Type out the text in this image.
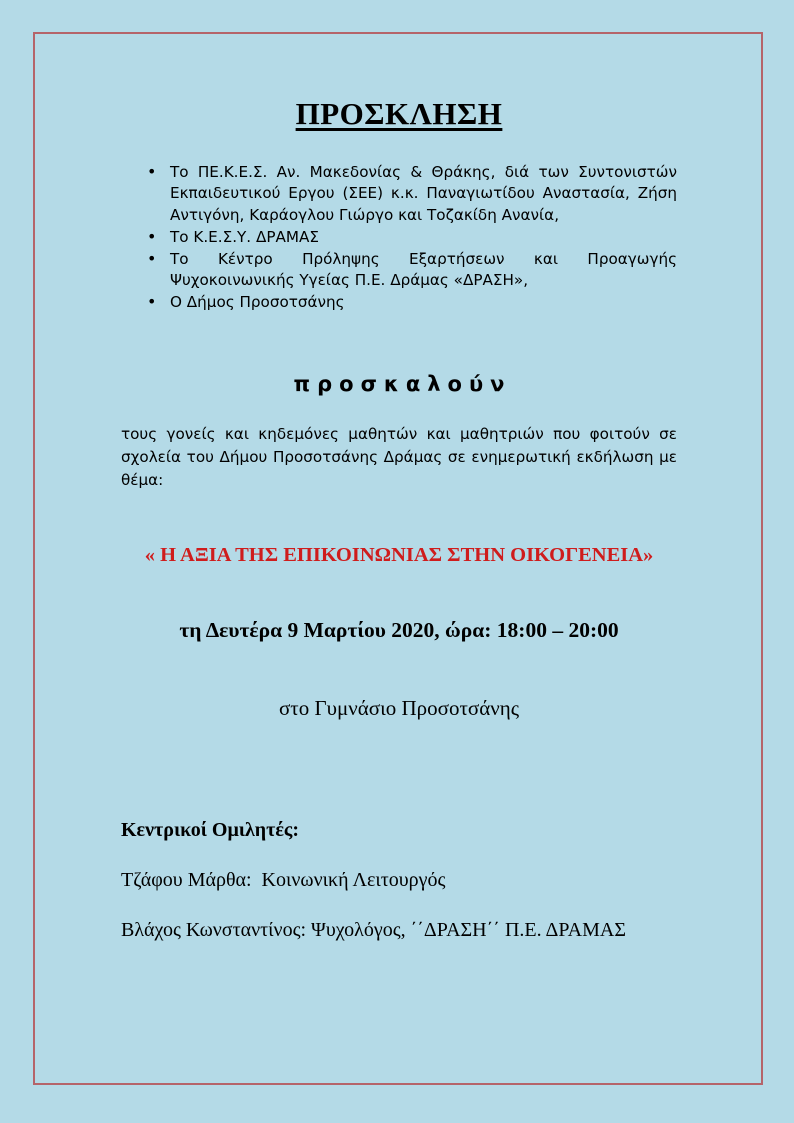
ΠΡΟΣΚΛΗΣΗ
• Το ΠΕ.Κ.Ε.Σ. Αν. Μακεδονίας & Θράκης, διά των Συντονιστών Εκπαιδευτικού Εργου (ΣΕΕ) κ.κ. Παναγιωτίδου Αναστασία, Ζήση Αντιγόνη, Καράογλου Γιώργο και Τοζακίδη Ανανία,
• Το Κ.Ε.Σ.Υ. ΔΡΑΜΑΣ
• Το Κέντρο Πρόληψης Εξαρτήσεων και Προαγωγής Ψυχοκοινωνικής Υγείας Π.Ε. Δράμας «ΔΡΑΣΗ»,
• Ο Δήμος Προσοτσάνης

προσκαλούν

τους γονείς και κηδεμόνες μαθητών και μαθητριών που φοιτούν σε σχολεία του Δήμου Προσοτσάνης Δράμας σε ενημερωτική εκδήλωση με θέμα:

« Η ΑΞΙΑ ΤΗΣ ΕΠΙΚΟΙΝΩΝΙΑΣ ΣΤΗΝ ΟΙΚΟΓΕΝΕΙΑ»

τη Δευτέρα 9 Μαρτίου 2020, ώρα: 18:00 – 20:00

στο Γυμνάσιο Προσοτσάνης

Κεντρικοί Ομιλητές:

Τζάφου Μάρθα:  Κοινωνική Λειτουργός

Βλάχος Κωνσταντίνος: Ψυχολόγος, ΄΄ΔΡΑΣΗ΄΄ Π.Ε. ΔΡΑΜΑΣ
